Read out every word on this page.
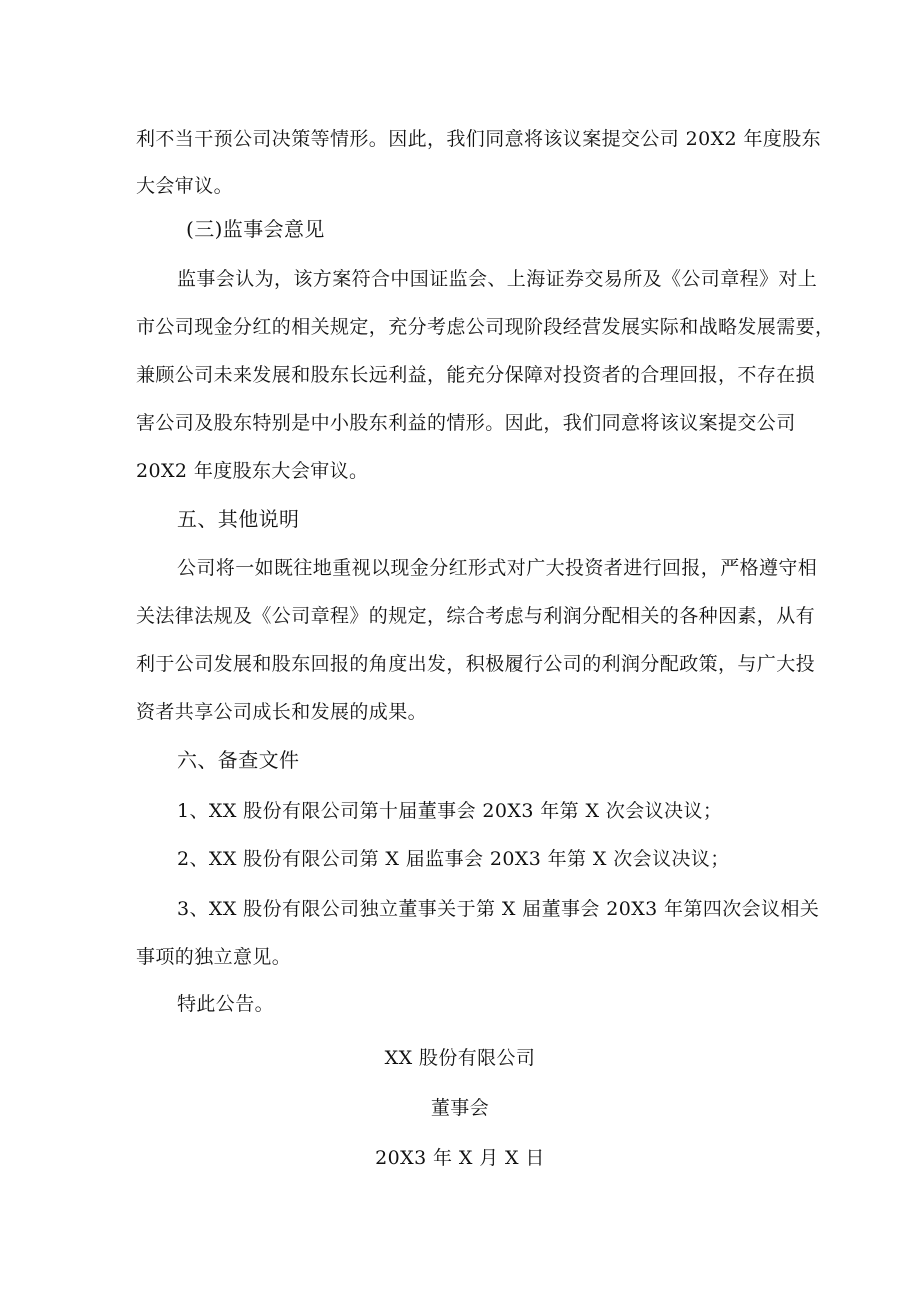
利不当干预公司决策等情形。因此，我们同意将该议案提交公司 20X2 年度股东

大会审议。

(三)监事会意见

监事会认为，该方案符合中国证监会、上海证券交易所及《公司章程》对上

市公司现金分红的相关规定，充分考虑公司现阶段经营发展实际和战略发展需要，

兼顾公司未来发展和股东长远利益，能充分保障对投资者的合理回报，不存在损

害公司及股东特别是中小股东利益的情形。因此，我们同意将该议案提交公司

20X2 年度股东大会审议。

五、其他说明

公司将一如既往地重视以现金分红形式对广大投资者进行回报，严格遵守相

关法律法规及《公司章程》的规定，综合考虑与利润分配相关的各种因素，从有

利于公司发展和股东回报的角度出发，积极履行公司的利润分配政策，与广大投

资者共享公司成长和发展的成果。

六、备查文件

1、XX 股份有限公司第十届董事会 20X3 年第 X 次会议决议；

2、XX 股份有限公司第 X 届监事会 20X3 年第 X 次会议决议；

3、XX 股份有限公司独立董事关于第 X 届董事会 20X3 年第四次会议相关

事项的独立意见。

特此公告。

XX 股份有限公司

董事会

20X3 年 X 月 X 日
